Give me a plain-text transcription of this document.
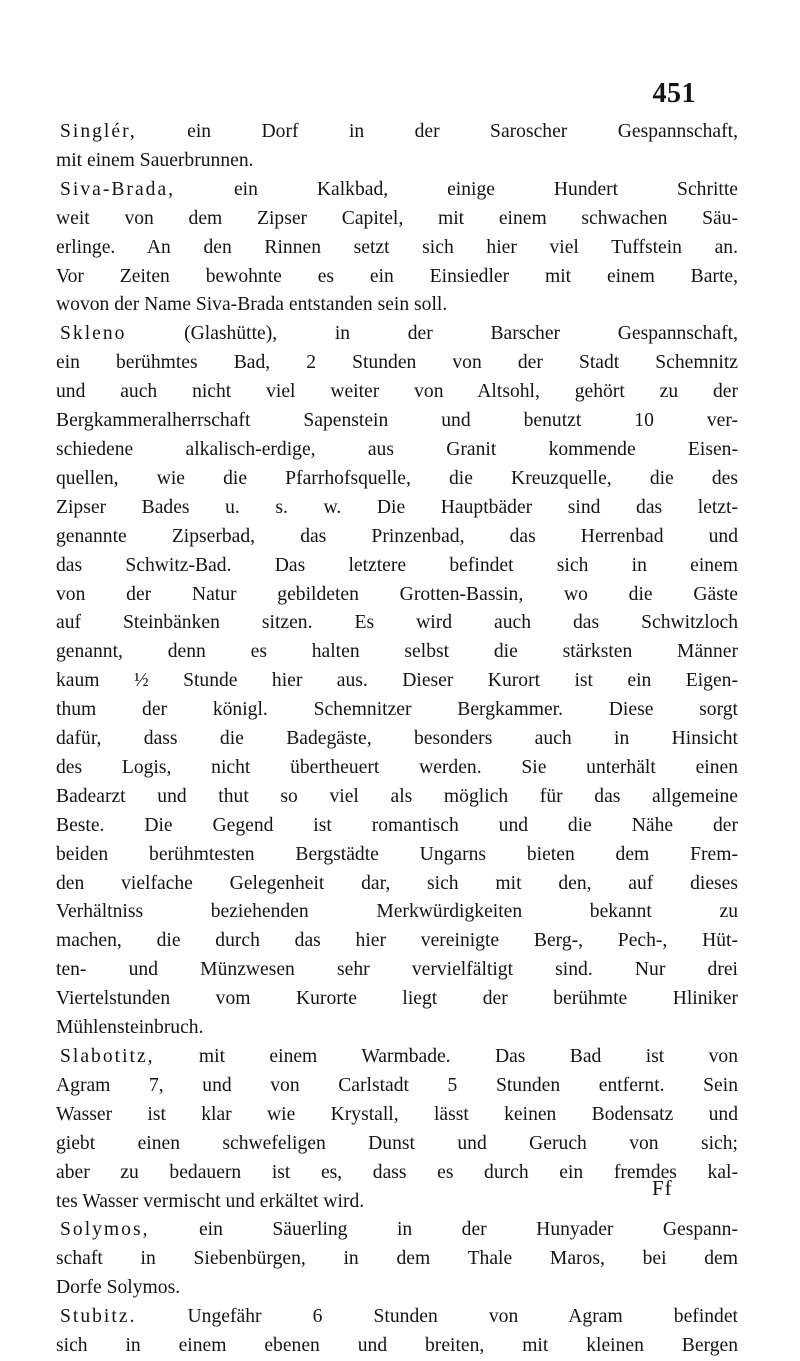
451
Singlér, ein Dorf in der Saroscher Gespannschaft,
mit einem Sauerbrunnen.
Siva-Brada, ein Kalkbad, einige Hundert Schritte
weit von dem Zipser Capitel, mit einem schwachen Säu-
erlinge. An den Rinnen setzt sich hier viel Tuffstein an.
Vor Zeiten bewohnte es ein Einsiedler mit einem Barte,
wovon der Name Siva-Brada entstanden sein soll.
Skleno (Glashütte), in der Barscher Gespannschaft,
ein berühmtes Bad, 2 Stunden von der Stadt Schemnitz
und auch nicht viel weiter von Altsohl, gehört zu der
Bergkammeralherrschaft Sapenstein und benutzt 10 ver-
schiedene alkalisch-erdige, aus Granit kommende Eisen-
quellen, wie die Pfarrhofsquelle, die Kreuzquelle, die des
Zipser Bades u. s. w. Die Hauptbäder sind das letzt-
genannte Zipserbad, das Prinzenbad, das Herrenbad und
das Schwitz-Bad. Das letztere befindet sich in einem
von der Natur gebildeten Grotten-Bassin, wo die Gäste
auf Steinbänken sitzen. Es wird auch das Schwitzloch
genannt, denn es halten selbst die stärksten Männer
kaum ½ Stunde hier aus. Dieser Kurort ist ein Eigen-
thum der königl. Schemnitzer Bergkammer. Diese sorgt
dafür, dass die Badegäste, besonders auch in Hinsicht
des Logis, nicht übertheuert werden. Sie unterhält einen
Badearzt und thut so viel als möglich für das allgemeine
Beste. Die Gegend ist romantisch und die Nähe der
beiden berühmtesten Bergstädte Ungarns bieten dem Frem-
den vielfache Gelegenheit dar, sich mit den, auf dieses
Verhältniss beziehenden Merkwürdigkeiten bekannt zu
machen, die durch das hier vereinigte Berg-, Pech-, Hüt-
ten- und Münzwesen sehr vervielfältigt sind. Nur drei
Viertelstunden vom Kurorte liegt der berühmte Hliniker
Mühlensteinbruch.
Slabotitz, mit einem Warmbade. Das Bad ist von
Agram 7, und von Carlstadt 5 Stunden entfernt. Sein
Wasser ist klar wie Krystall, lässt keinen Bodensatz und
giebt einen schwefeligen Dunst und Geruch von sich;
aber zu bedauern ist es, dass es durch ein fremdes kal-
tes Wasser vermischt und erkältet wird.
Solymos, ein Säuerling in der Hunyader Gespann-
schaft in Siebenbürgen, in dem Thale Maros, bei dem
Dorfe Solymos.
Stubitz. Ungefähr 6 Stunden von Agram befindet
sich in einem ebenen und breiten, mit kleinen Bergen
Ff
